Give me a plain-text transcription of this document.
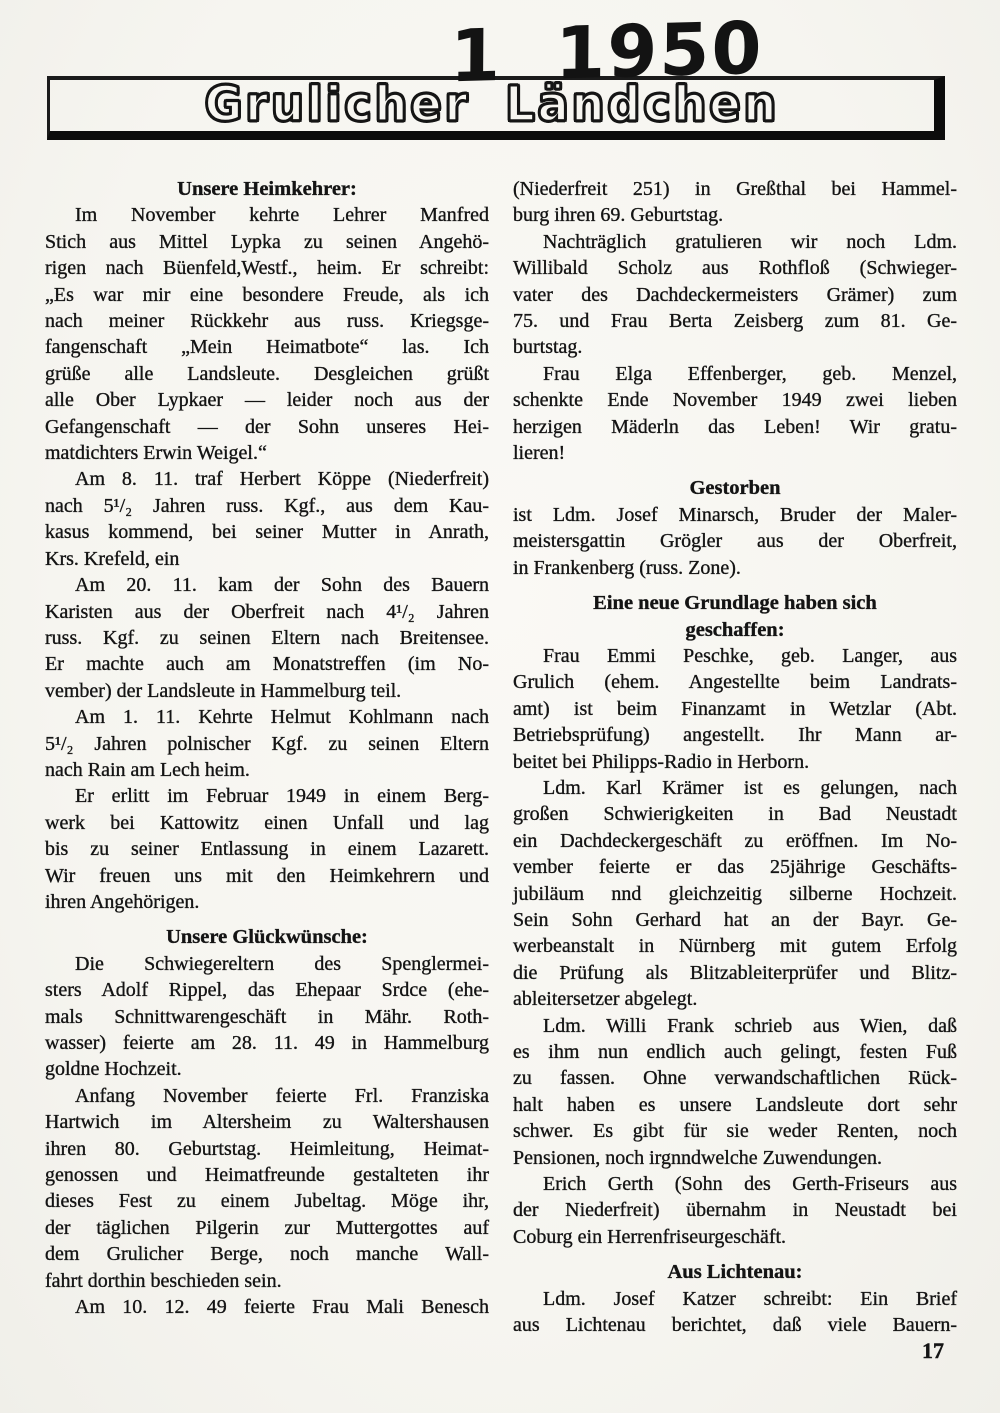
1 1950
Grulicher Ländchen
Unsere Heimkehrer:
Im November kehrte Lehrer Manfred
Stich aus Mittel Lypka zu seinen Angehö-
rigen nach Büenfeld,Westf., heim. Er schreibt:
„Es war mir eine besondere Freude, als ich
nach meiner Rückkehr aus russ. Kriegsge-
fangenschaft „Mein Heimatbote“ las. Ich
grüße alle Landsleute. Desgleichen grüßt
alle Ober Lypkaer — leider noch aus der
Gefangenschaft — der Sohn unseres Hei-
matdichters Erwin Weigel.“
Am 8. 11. traf Herbert Köppe (Niederfreit)
nach 5¹/₂ Jahren russ. Kgf., aus dem Kau-
kasus kommend, bei seiner Mutter in Anrath,
Krs. Krefeld, ein
Am 20. 11. kam der Sohn des Bauern
Karisten aus der Oberfreit nach 4¹/₂ Jahren
russ. Kgf. zu seinen Eltern nach Breitensee.
Er machte auch am Monatstreffen (im No-
vember) der Landsleute in Hammelburg teil.
Am 1. 11. Kehrte Helmut Kohlmann nach
5¹/₂ Jahren polnischer Kgf. zu seinen Eltern
nach Rain am Lech heim.
Er erlitt im Februar 1949 in einem Berg-
werk bei Kattowitz einen Unfall und lag
bis zu seiner Entlassung in einem Lazarett.
Wir freuen uns mit den Heimkehrern und
ihren Angehörigen.
Unsere Glückwünsche:
Die Schwiegereltern des Spenglermei-
sters Adolf Rippel, das Ehepaar Srdce (ehe-
mals Schnittwarengeschäft in Mähr. Roth-
wasser) feierte am 28. 11. 49 in Hammelburg
goldne Hochzeit.
Anfang November feierte Frl. Franziska
Hartwich im Altersheim zu Waltershausen
ihren 80. Geburtstag. Heimleitung, Heimat-
genossen und Heimatfreunde gestalteten ihr
dieses Fest zu einem Jubeltag. Möge ihr,
der täglichen Pilgerin zur Muttergottes auf
dem Grulicher Berge, noch manche Wall-
fahrt dorthin beschieden sein.
Am 10. 12. 49 feierte Frau Mali Benesch
(Niederfreit 251) in Greßthal bei Hammel-
burg ihren 69. Geburtstag.
Nachträglich gratulieren wir noch Ldm.
Willibald Scholz aus Rothfloß (Schwieger-
vater des Dachdeckermeisters Grämer) zum
75. und Frau Berta Zeisberg zum 81. Ge-
burtstag.
Frau Elga Effenberger, geb. Menzel,
schenkte Ende November 1949 zwei lieben
herzigen Mäderln das Leben! Wir gratu-
lieren!
Gestorben
ist Ldm. Josef Minarsch, Bruder der Maler-
meistersgattin Grögler aus der Oberfreit,
in Frankenberg (russ. Zone).
Eine neue Grundlage haben sich
geschaffen:
Frau Emmi Peschke, geb. Langer, aus
Grulich (ehem. Angestellte beim Landrats-
amt) ist beim Finanzamt in Wetzlar (Abt.
Betriebsprüfung) angestellt. Ihr Mann ar-
beitet bei Philipps-Radio in Herborn.
Ldm. Karl Krämer ist es gelungen, nach
großen Schwierigkeiten in Bad Neustadt
ein Dachdeckergeschäft zu eröffnen. Im No-
vember feierte er das 25jährige Geschäfts-
jubiläum nnd gleichzeitig silberne Hochzeit.
Sein Sohn Gerhard hat an der Bayr. Ge-
werbeanstalt in Nürnberg mit gutem Erfolg
die Prüfung als Blitzableiterprüfer und Blitz-
ableitersetzer abgelegt.
Ldm. Willi Frank schrieb aus Wien, daß
es ihm nun endlich auch gelingt, festen Fuß
zu fassen. Ohne verwandschaftlichen Rück-
halt haben es unsere Landsleute dort sehr
schwer. Es gibt für sie weder Renten, noch
Pensionen, noch irgnndwelche Zuwendungen.
Erich Gerth (Sohn des Gerth-Friseurs aus
der Niederfreit) übernahm in Neustadt bei
Coburg ein Herrenfriseurgeschäft.
Aus Lichtenau:
Ldm. Josef Katzer schreibt: Ein Brief
aus Lichtenau berichtet, daß viele Bauern-
17
